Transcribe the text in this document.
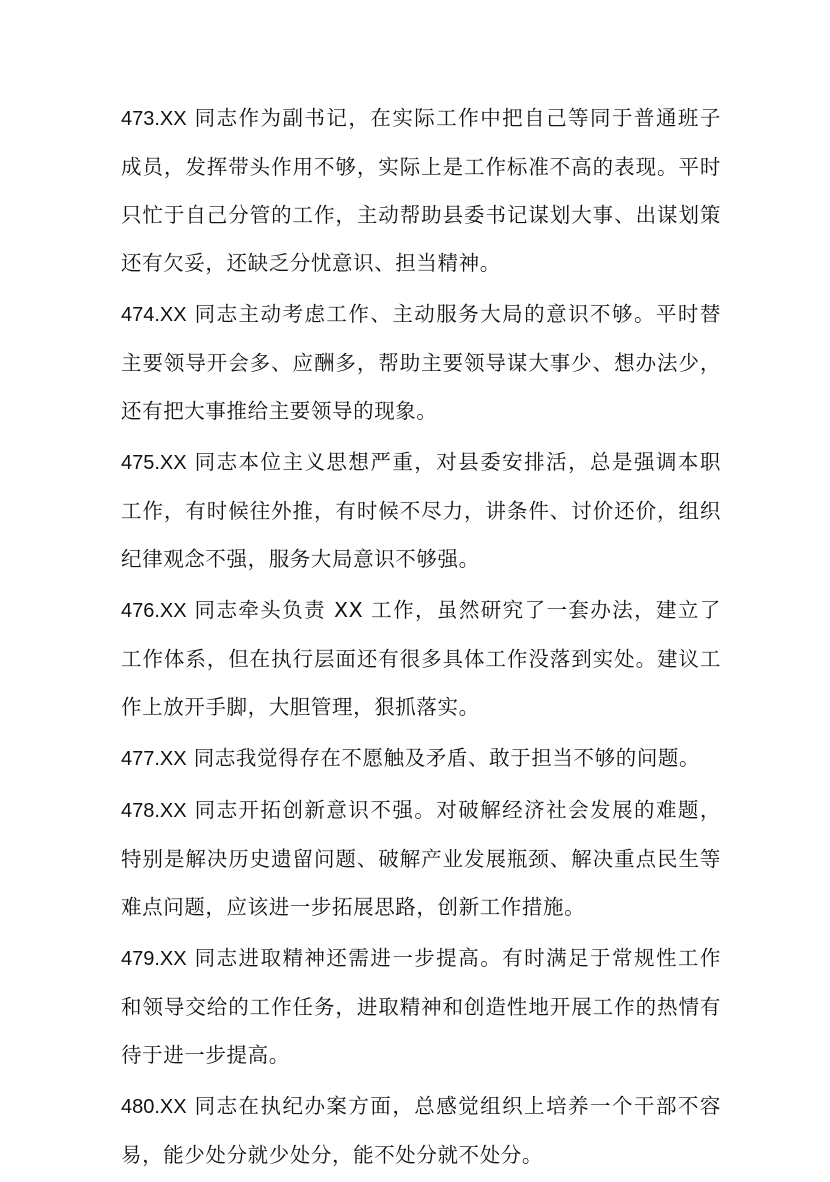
473.XX 同志作为副书记，在实际工作中把自己等同于普通班子成员，发挥带头作用不够，实际上是工作标准不高的表现。平时只忙于自己分管的工作，主动帮助县委书记谋划大事、出谋划策还有欠妥，还缺乏分忧意识、担当精神。

474.XX 同志主动考虑工作、主动服务大局的意识不够。平时替主要领导开会多、应酬多，帮助主要领导谋大事少、想办法少，还有把大事推给主要领导的现象。

475.XX 同志本位主义思想严重，对县委安排活，总是强调本职工作，有时候往外推，有时候不尽力，讲条件、讨价还价，组织纪律观念不强，服务大局意识不够强。

476.XX 同志牵头负责 XX 工作，虽然研究了一套办法，建立了工作体系，但在执行层面还有很多具体工作没落到实处。建议工作上放开手脚，大胆管理，狠抓落实。

477.XX 同志我觉得存在不愿触及矛盾、敢于担当不够的问题。

478.XX 同志开拓创新意识不强。对破解经济社会发展的难题，特别是解决历史遗留问题、破解产业发展瓶颈、解决重点民生等难点问题，应该进一步拓展思路，创新工作措施。

479.XX 同志进取精神还需进一步提高。有时满足于常规性工作和领导交给的工作任务，进取精神和创造性地开展工作的热情有待于进一步提高。

480.XX 同志在执纪办案方面，总感觉组织上培养一个干部不容易，能少处分就少处分，能不处分就不处分。
